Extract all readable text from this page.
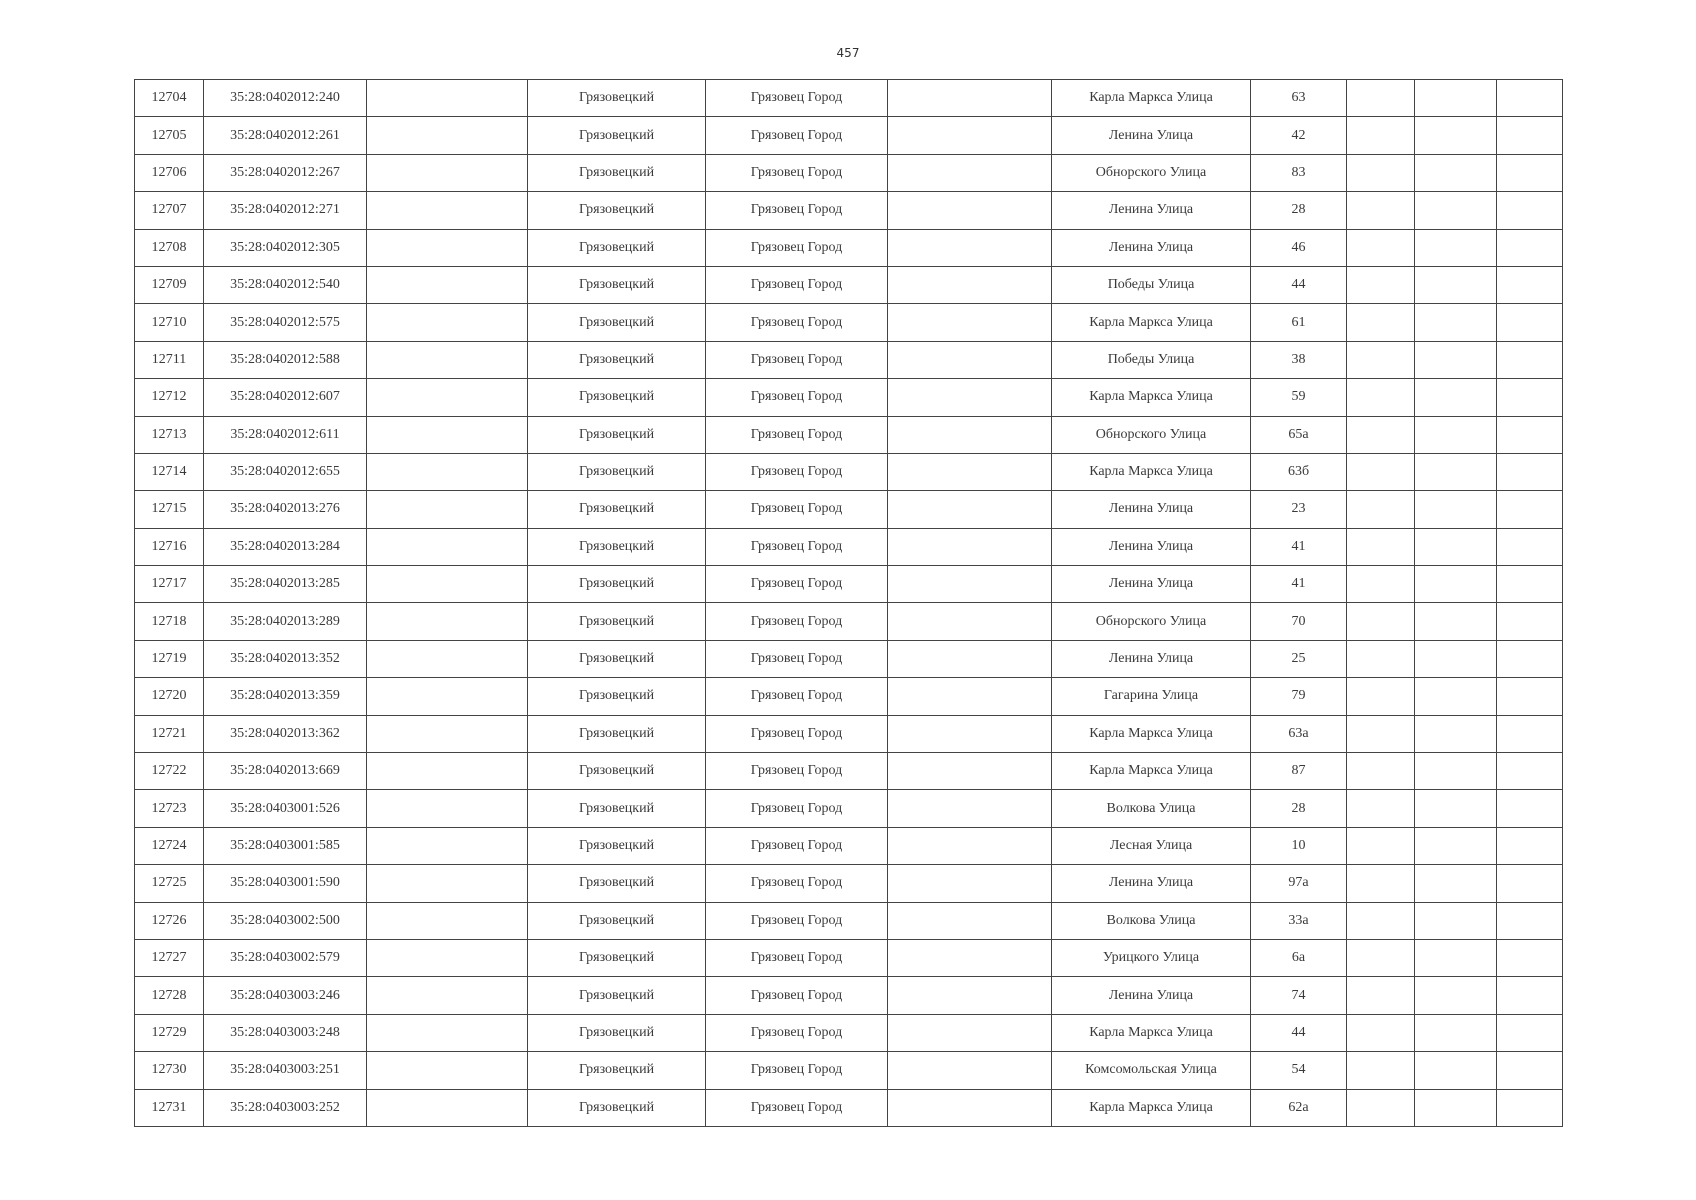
457
12704	35:28:0402012:240		Грязовецкий	Грязовец Город		Карла Маркса Улица	63			
12705	35:28:0402012:261		Грязовецкий	Грязовец Город		Ленина Улица	42			
12706	35:28:0402012:267		Грязовецкий	Грязовец Город		Обнорского Улица	83			
12707	35:28:0402012:271		Грязовецкий	Грязовец Город		Ленина Улица	28			
12708	35:28:0402012:305		Грязовецкий	Грязовец Город		Ленина Улица	46			
12709	35:28:0402012:540		Грязовецкий	Грязовец Город		Победы Улица	44			
12710	35:28:0402012:575		Грязовецкий	Грязовец Город		Карла Маркса Улица	61			
12711	35:28:0402012:588		Грязовецкий	Грязовец Город		Победы Улица	38			
12712	35:28:0402012:607		Грязовецкий	Грязовец Город		Карла Маркса Улица	59			
12713	35:28:0402012:611		Грязовецкий	Грязовец Город		Обнорского Улица	65а			
12714	35:28:0402012:655		Грязовецкий	Грязовец Город		Карла Маркса Улица	63б			
12715	35:28:0402013:276		Грязовецкий	Грязовец Город		Ленина Улица	23			
12716	35:28:0402013:284		Грязовецкий	Грязовец Город		Ленина Улица	41			
12717	35:28:0402013:285		Грязовецкий	Грязовец Город		Ленина Улица	41			
12718	35:28:0402013:289		Грязовецкий	Грязовец Город		Обнорского Улица	70			
12719	35:28:0402013:352		Грязовецкий	Грязовец Город		Ленина Улица	25			
12720	35:28:0402013:359		Грязовецкий	Грязовец Город		Гагарина Улица	79			
12721	35:28:0402013:362		Грязовецкий	Грязовец Город		Карла Маркса Улица	63а			
12722	35:28:0402013:669		Грязовецкий	Грязовец Город		Карла Маркса Улица	87			
12723	35:28:0403001:526		Грязовецкий	Грязовец Город		Волкова Улица	28			
12724	35:28:0403001:585		Грязовецкий	Грязовец Город		Лесная Улица	10			
12725	35:28:0403001:590		Грязовецкий	Грязовец Город		Ленина Улица	97а			
12726	35:28:0403002:500		Грязовецкий	Грязовец Город		Волкова Улица	33а			
12727	35:28:0403002:579		Грязовецкий	Грязовец Город		Урицкого Улица	6а			
12728	35:28:0403003:246		Грязовецкий	Грязовец Город		Ленина Улица	74			
12729	35:28:0403003:248		Грязовецкий	Грязовец Город		Карла Маркса Улица	44			
12730	35:28:0403003:251		Грязовецкий	Грязовец Город		Комсомольская Улица	54			
12731	35:28:0403003:252		Грязовецкий	Грязовец Город		Карла Маркса Улица	62а			
